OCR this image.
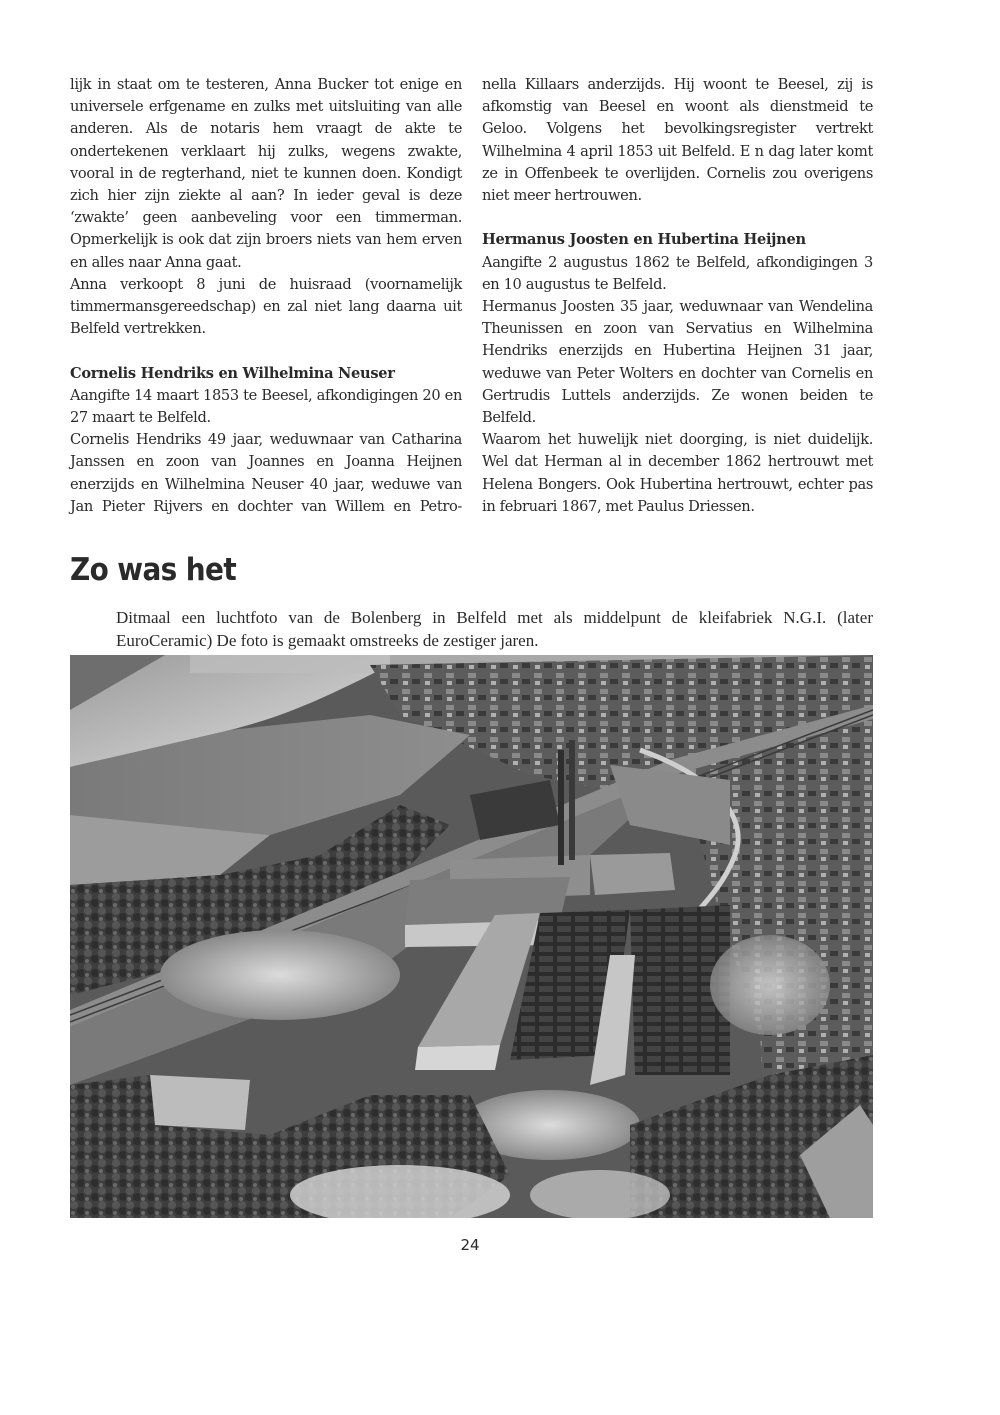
lijk in staat om te testeren, Anna Bucker tot enige en universele erfgename en zulks met uitsluiting van alle anderen. Als de notaris hem vraagt de akte te ondertekenen verklaart hij zulks, wegens zwakte, vooral in de regterhand, niet te kunnen doen. Kondigt zich hier zijn ziekte al aan? In ieder geval is deze ‘zwakte’ geen aanbeveling voor een timmerman. Opmerkelijk is ook dat zijn broers niets van hem erven en alles naar Anna gaat.

Anna verkoopt 8 juni de huisraad (voornamelijk timmermansgereedschap) en zal niet lang daarna uit Belfeld vertrekken.

Cornelis Hendriks en Wilhelmina Neuser

Aangifte 14 maart 1853 te Beesel, afkondigingen 20 en 27 maart te Belfeld.

Cornelis Hendriks 49 jaar, weduwnaar van Catharina Janssen en zoon van Joannes en Joanna Heijnen enerzijds en Wilhelmina Neuser 40 jaar, weduwe van Jan Pieter Rijvers en dochter van Willem en Petro-

nella Killaars anderzijds. Hij woont te Beesel, zij is afkomstig van Beesel en woont als dienstmeid te Geloo. Volgens het bevolkingsregister vertrekt Wilhelmina 4 april 1853 uit Belfeld. E n dag later komt ze in Offenbeek te overlijden. Cornelis zou overigens niet meer hertrouwen.

Hermanus Joosten en Hubertina Heijnen

Aangifte 2 augustus 1862 te Belfeld, afkondigingen 3 en 10 augustus te Belfeld.

Hermanus Joosten 35 jaar, weduwnaar van Wendelina Theunissen en zoon van Servatius en Wilhelmina Hendriks enerzijds en Hubertina Heijnen 31 jaar, weduwe van Peter Wolters en dochter van Cornelis en Gertrudis Luttels anderzijds. Ze wonen beiden te Belfeld.

Waarom het huwelijk niet doorging, is niet duidelijk. Wel dat Herman al in december 1862 hertrouwt met Helena Bongers. Ook Hubertina hertrouwt, echter pas in februari 1867, met Paulus Driessen.

Zo was het

Ditmaal een luchtfoto van de Bolenberg in Belfeld met als middelpunt de kleifabriek N.G.I. (later EuroCeramic) De foto is gemaakt omstreeks de zestiger jaren.

24
